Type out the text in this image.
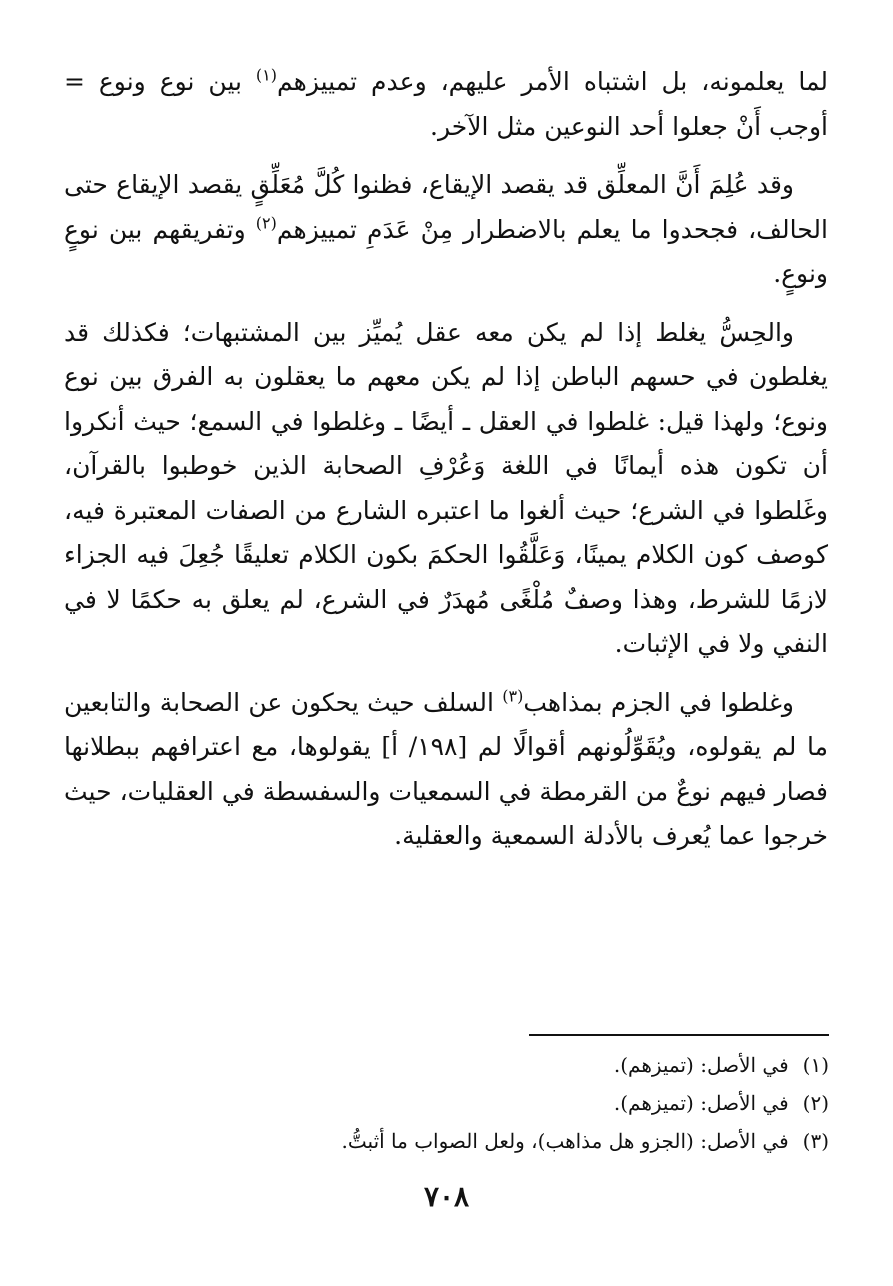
لما يعلمونه، بل اشتباه الأمر عليهم، وعدم تمييزهم$^{(١)}$ بين نوع ونوع = أوجب أَنْ جعلوا أحد النوعين مثل الآخر.

وقد عُلِمَ أَنَّ المعلِّق قد يقصد الإيقاع، فظنوا كُلَّ مُعَلِّقٍ يقصد الإيقاع حتى الحالف، فجحدوا ما يعلم بالاضطرار مِنْ عَدَمِ تمييزهم$^{(٢)}$ وتفريقهم بين نوعٍ ونوعٍ.

والحِسُّ يغلط إذا لم يكن معه عقل يُميِّز بين المشتبهات؛ فكذلك قد يغلطون في حسهم الباطن إذا لم يكن معهم ما يعقلون به الفرق بين نوع ونوع؛ ولهذا قيل: غلطوا في العقل ـ أيضًا ـ وغلطوا في السمع؛ حيث أنكروا أن تكون هذه أيمانًا في اللغة وَعُرْفِ الصحابة الذين خوطبوا بالقرآن، وغَلطوا في الشرع؛ حيث ألغوا ما اعتبره الشارع من الصفات المعتبرة فيه، كوصف كون الكلام يمينًا، وَعَلَّقُوا الحكمَ بكون الكلام تعليقًا جُعِلَ فيه الجزاء لازمًا للشرط، وهذا وصفٌ مُلْغًى مُهدَرٌ في الشرع، لم يعلق به حكمًا لا في النفي ولا في الإثبات.

وغلطوا في الجزم بمذاهب$^{(٣)}$ السلف حيث يحكون عن الصحابة والتابعين ما لم يقولوه، ويُقَوِّلُونهم أقوالًا لم [١٩٨/ أ] يقولوها، مع اعترافهم ببطلانها فصار فيهم نوعٌ من القرمطة في السمعيات والسفسطة في العقليات، حيث خرجوا عما يُعرف بالأدلة السمعية والعقلية.

(١) في الأصل: (تميزهم).
(٢) في الأصل: (تميزهم).
(٣) في الأصل: (الجزو هل مذاهب)، ولعل الصواب ما أثبتُّ.
٧٠٨
